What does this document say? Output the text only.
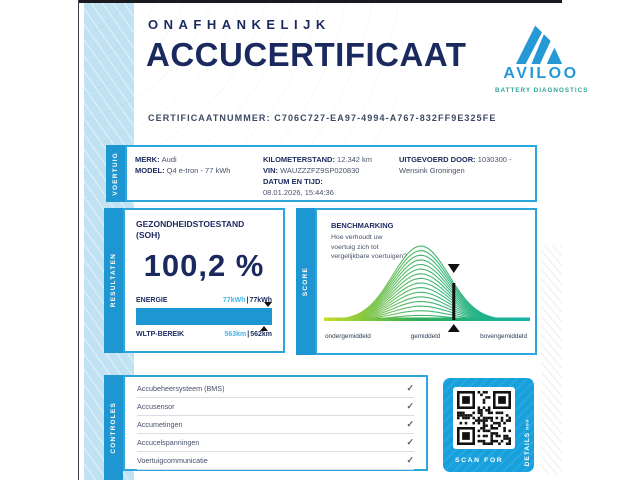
ONAFHANKELIJK
ACCUCERTIFICAAT
AVILOO
BATTERY DIAGNOSTICS
CERTIFICAATNUMMER: C706C727-EA97-4994-A767-832FF9E325FE
VOERTUIG MERK: Audi
MODEL: Q4 e-tron - 77 kWh
KILOMETERSTAND: 12.342 km
VIN: WAUZZZFZ9SP020830
DATUM EN TIJD:
08.01.2026, 15:44:36
UITGEVOERD DOOR: 1030300 - Wensink Groningen
RESULTATEN
GEZONDHEIDSTOESTAND
(SOH)
100,2 %
ENERGIE	77kWh|77kWh
WLTP-BEREIK	563km|562km
SCORE
BENCHMARKING
Hoe verhoudt uw
voertuig zich tot
vergelijkbare voertuigen?
ondergemiddeld	gemiddeld	bovengemiddeld
CONTROLES
Accubeheersysteem (BMS)	✓
Accusensor	✓
Accumetingen	✓
Accucelspanningen	✓
Voertuigcommunicatie	✓	SCAN FOR	DETAILS
»»»
